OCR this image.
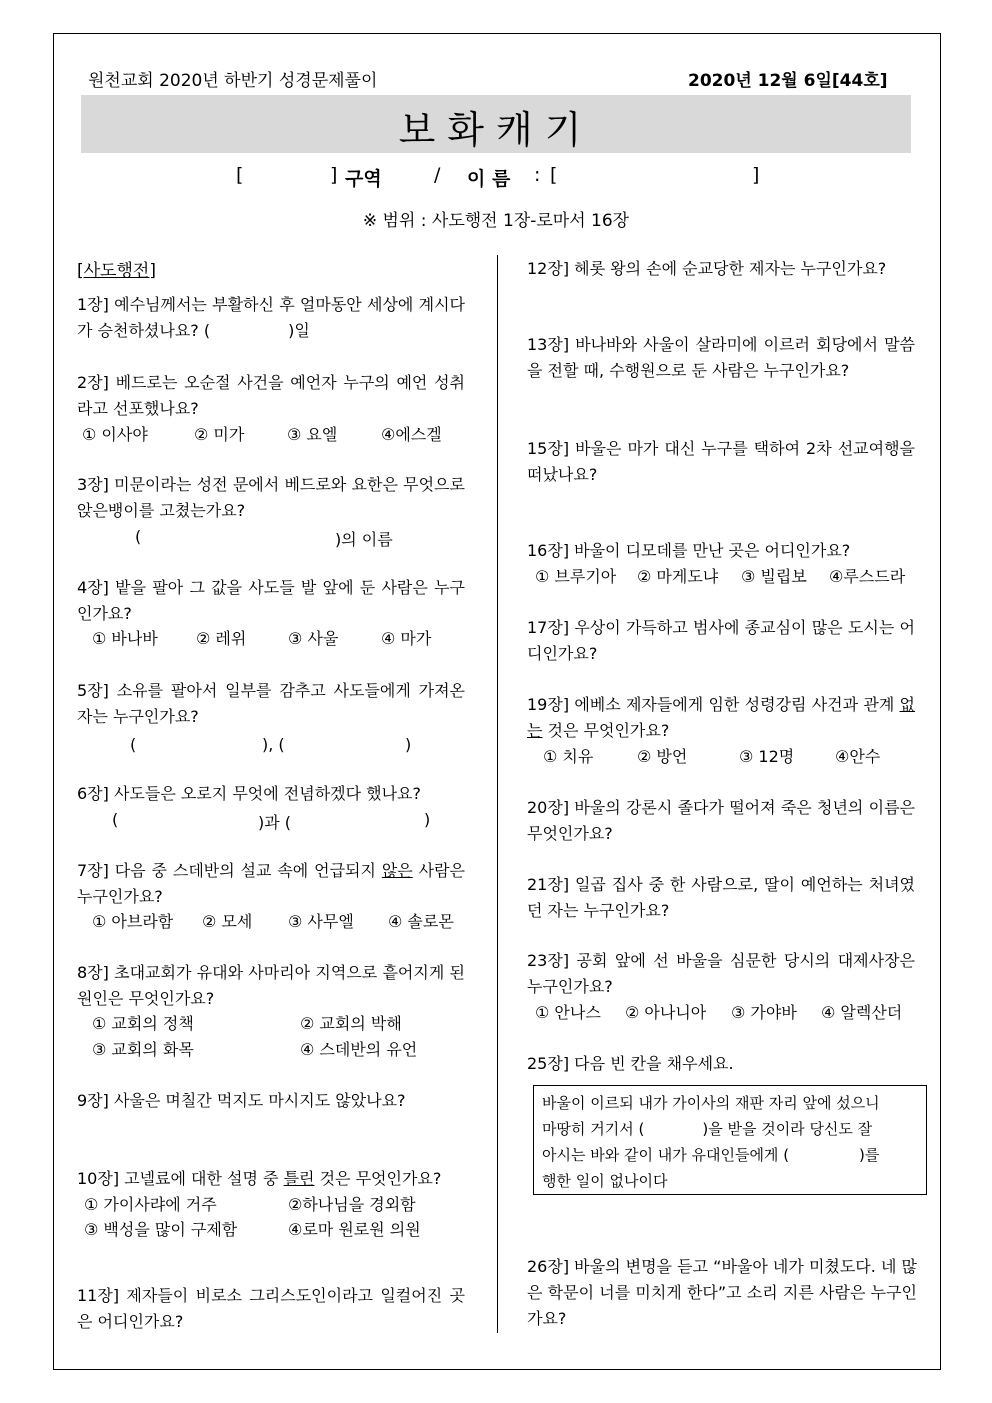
원천교회 2020년 하반기 성경문제풀이	2020년 12월 6일[44호]
보화캐기
[	] 구역	/ 이 름 : [	]
※ 범위 : 사도행전 1장-로마서 16장
[사도행전]
1장] 예수님께서는 부활하신 후 얼마동안 세상에 계시다가 승천하셨나요? (	)일
2장] 베드로는 오순절 사건을 예언자 누구의 예언 성취라고 선포했나요?
① 이사야	② 미가	③ 요엘	④에스겔
3장] 미문이라는 성전 문에서 베드로와 요한은 무엇으로 앉은뱅이를 고쳤는가요?
(	)의 이름
4장] 밭을 팔아 그 값을 사도들 발 앞에 둔 사람은 누구인가요?
① 바나바 ② 레위	③ 사울	④ 마가
5장] 소유를 팔아서 일부를 감추고 사도들에게 가져온 자는 누구인가요?
(	), (	)
6장] 사도들은 오로지 무엇에 전념하겠다 했나요?
(	)과 (	)
7장] 다음 중 스데반의 설교 속에 언급되지 않은 사람은 누구인가요?
① 아브라함 ② 모세 ③ 사무엘 ④ 솔로몬
8장] 초대교회가 유대와 사마리아 지역으로 흩어지게 된 원인은 무엇인가요?
① 교회의 정책	② 교회의 박해
③ 교회의 화목	④ 스데반의 유언
9장] 사울은 며칠간 먹지도 마시지도 않았나요?
10장] 고넬료에 대한 설명 중 틀린 것은 무엇인가요?
① 가이사랴에 거주	②하나님을 경외함
③ 백성을 많이 구제함	④로마 원로원 의원
11장] 제자들이 비로소 그리스도인이라고 일컬어진 곳은 어디인가요?
12장] 헤롯 왕의 손에 순교당한 제자는 누구인가요?
13장] 바나바와 사울이 살라미에 이르러 회당에서 말씀을 전할 때, 수행원으로 둔 사람은 누구인가요?
15장] 바울은 마가 대신 누구를 택하여 2차 선교여행을 떠났나요?
16장] 바울이 디모데를 만난 곳은 어디인가요?
① 브루기아 ② 마게도냐 ③ 빌립보 ④루스드라
17장] 우상이 가득하고 범사에 종교심이 많은 도시는 어디인가요?
19장] 에베소 제자들에게 임한 성령강림 사건과 관계 없는 것은 무엇인가요?
① 치유	② 방언	③ 12명	④안수
20장] 바울의 강론시 졸다가 떨어져 죽은 청년의 이름은 무엇인가요?
21장] 일곱 집사 중 한 사람으로, 딸이 예언하는 처녀였던 자는 누구인가요?
23장] 공회 앞에 선 바울을 심문한 당시의 대제사장은 누구인가요?
① 안나스 ② 아나니아 ③ 가야바 ④ 알렉산더
25장] 다음 빈 칸을 채우세요.
바울이 이르되 내가 가이사의 재판 자리 앞에 섰으니
마땅히 거기서 (	)을 받을 것이라 당신도 잘
아시는 바와 같이 내가 유대인들에게 (	)를
행한 일이 없나이다
26장] 바울의 변명을 듣고 “바울아 네가 미쳤도다. 네 많은 학문이 너를 미치게 한다”고 소리 지른 사람은 누구인가요?
